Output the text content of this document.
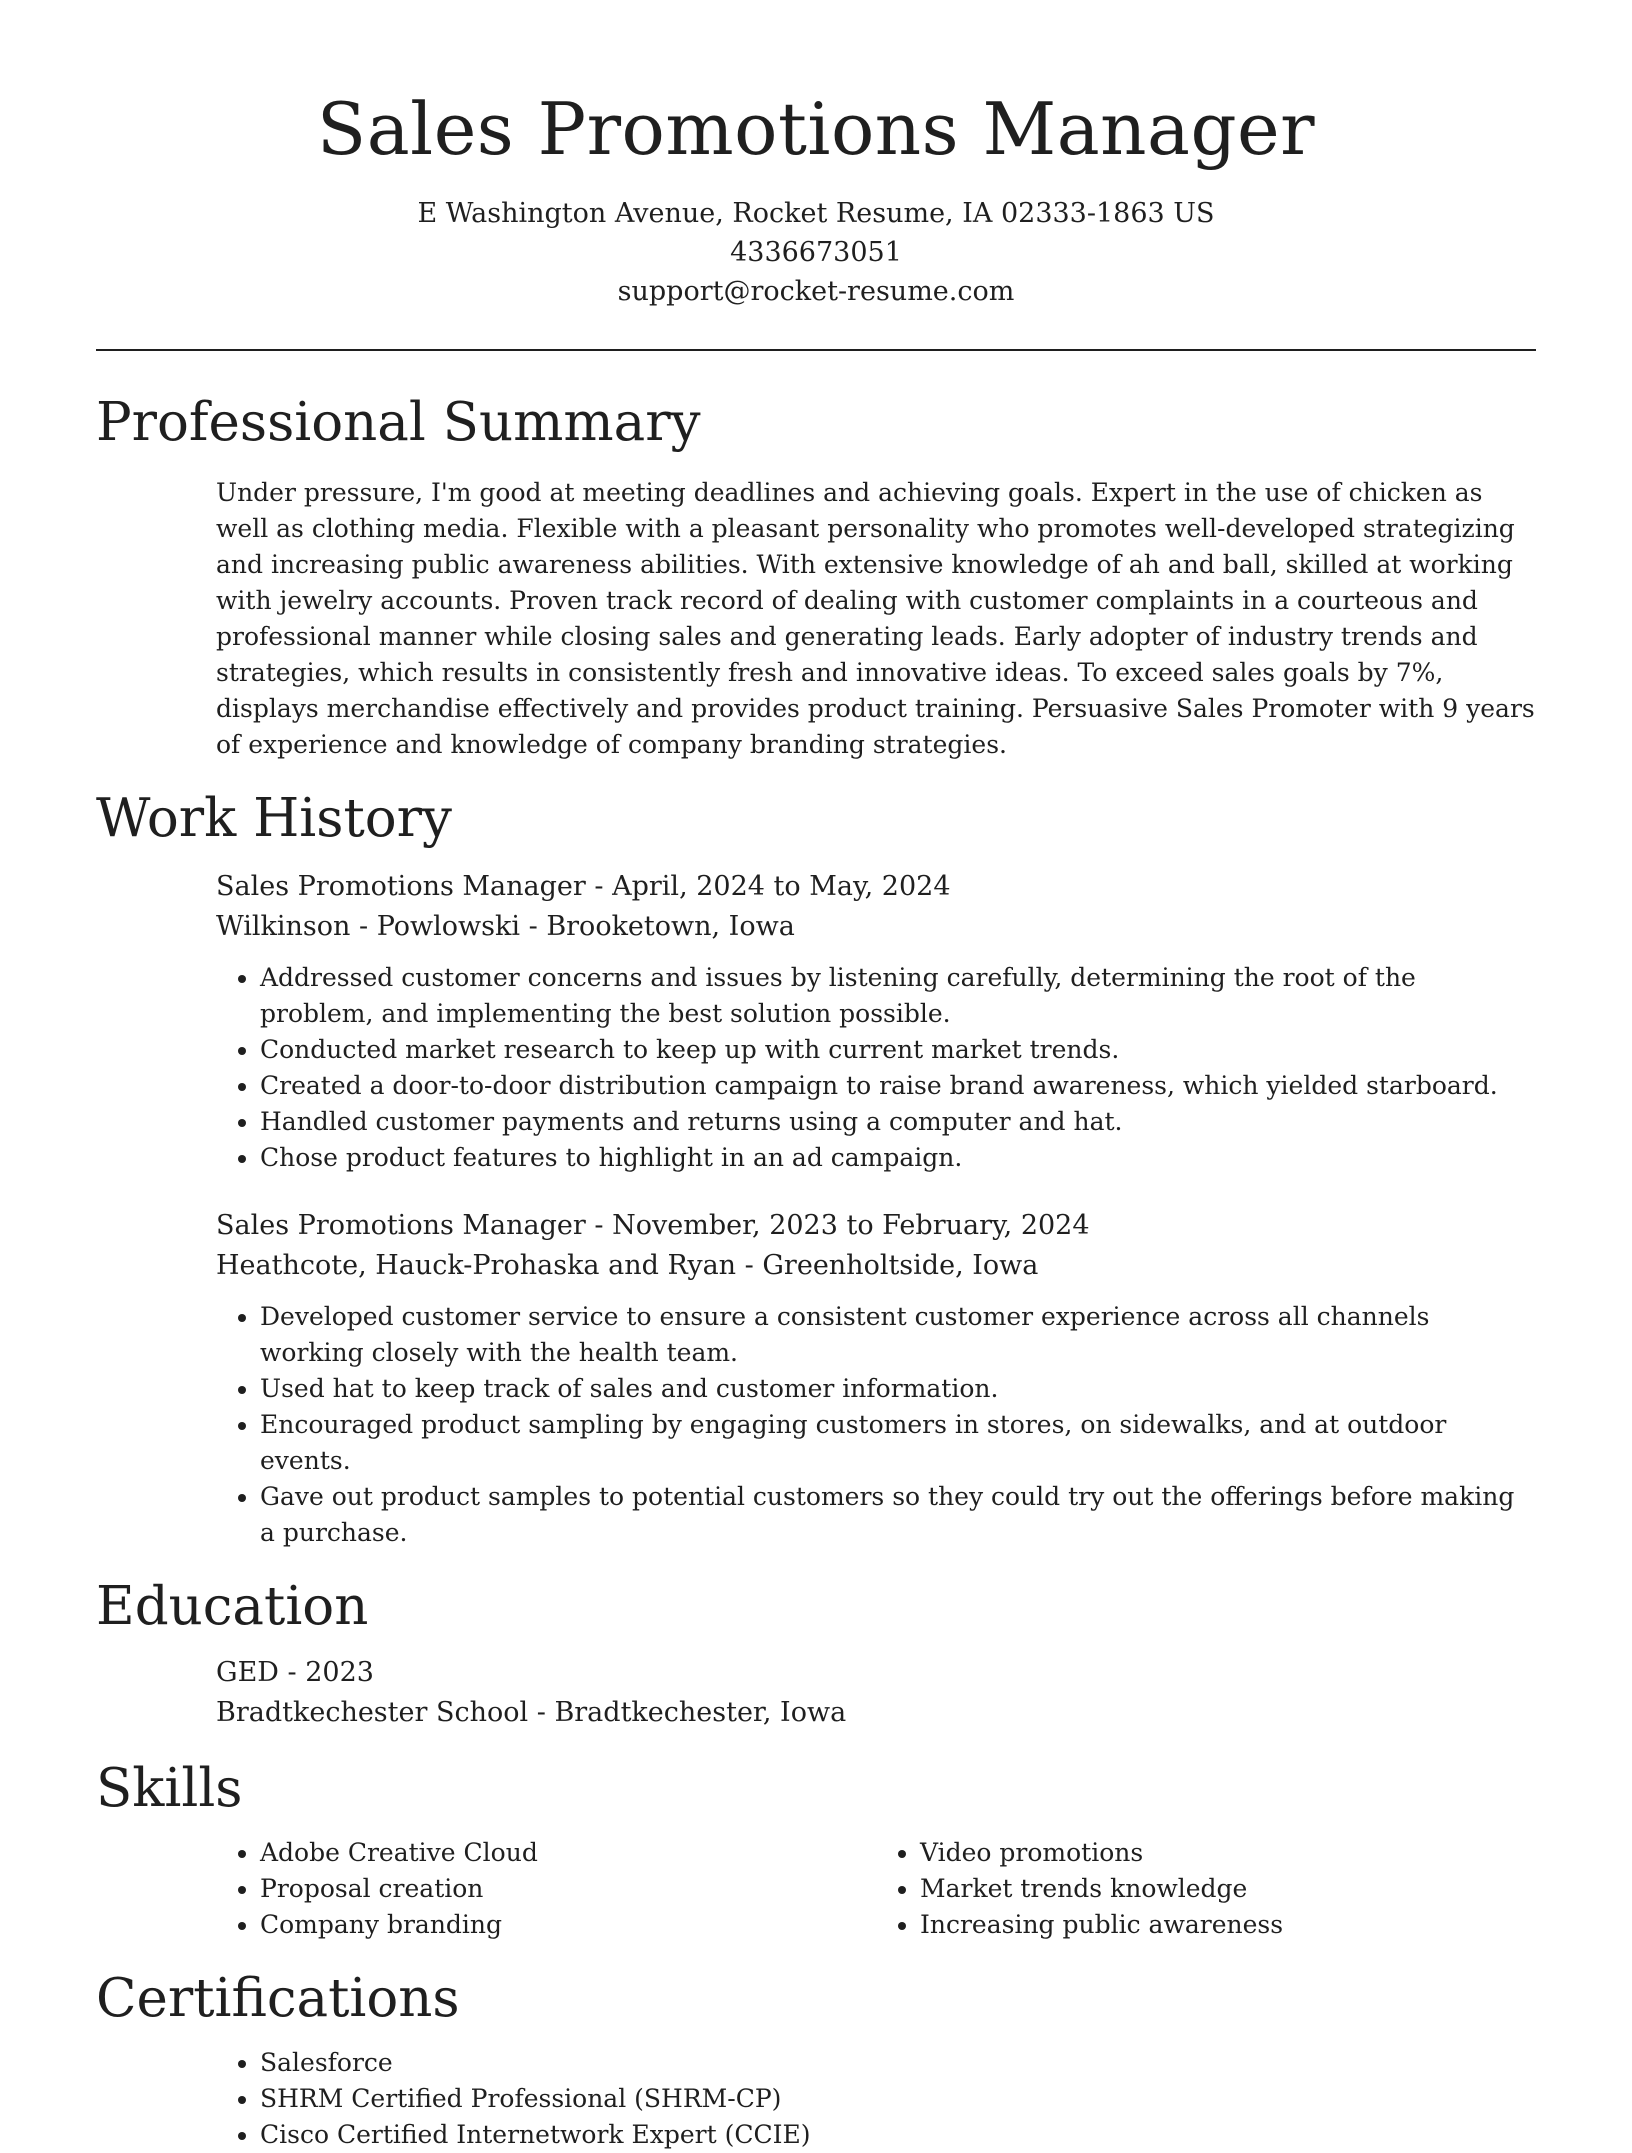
Sales Promotions Manager
E Washington Avenue, Rocket Resume, IA 02333-1863 US
4336673051
support@rocket-resume.com
Professional Summary
Under pressure, I'm good at meeting deadlines and achieving goals. Expert in the use of chicken as well as clothing media. Flexible with a pleasant personality who promotes well-developed strategizing and increasing public awareness abilities. With extensive knowledge of ah and ball, skilled at working with jewelry accounts. Proven track record of dealing with customer complaints in a courteous and professional manner while closing sales and generating leads. Early adopter of industry trends and strategies, which results in consistently fresh and innovative ideas. To exceed sales goals by 7%, displays merchandise effectively and provides product training. Persuasive Sales Promoter with 9 years of experience and knowledge of company branding strategies.
Work History
Sales Promotions Manager - April, 2024 to May, 2024
Wilkinson - Powlowski - Brooketown, Iowa
• Addressed customer concerns and issues by listening carefully, determining the root of the problem, and implementing the best solution possible.
• Conducted market research to keep up with current market trends.
• Created a door-to-door distribution campaign to raise brand awareness, which yielded starboard.
• Handled customer payments and returns using a computer and hat.
• Chose product features to highlight in an ad campaign.
Sales Promotions Manager - November, 2023 to February, 2024
Heathcote, Hauck-Prohaska and Ryan - Greenholtside, Iowa
• Developed customer service to ensure a consistent customer experience across all channels working closely with the health team.
• Used hat to keep track of sales and customer information.
• Encouraged product sampling by engaging customers in stores, on sidewalks, and at outdoor events.
• Gave out product samples to potential customers so they could try out the offerings before making a purchase.
Education
GED - 2023
Bradtkechester School - Bradtkechester, Iowa
Skills
• Adobe Creative Cloud
• Proposal creation
• Company branding
• Video promotions
• Market trends knowledge
• Increasing public awareness
Certifications
• Salesforce
• SHRM Certified Professional (SHRM-CP)
• Cisco Certified Internetwork Expert (CCIE)
